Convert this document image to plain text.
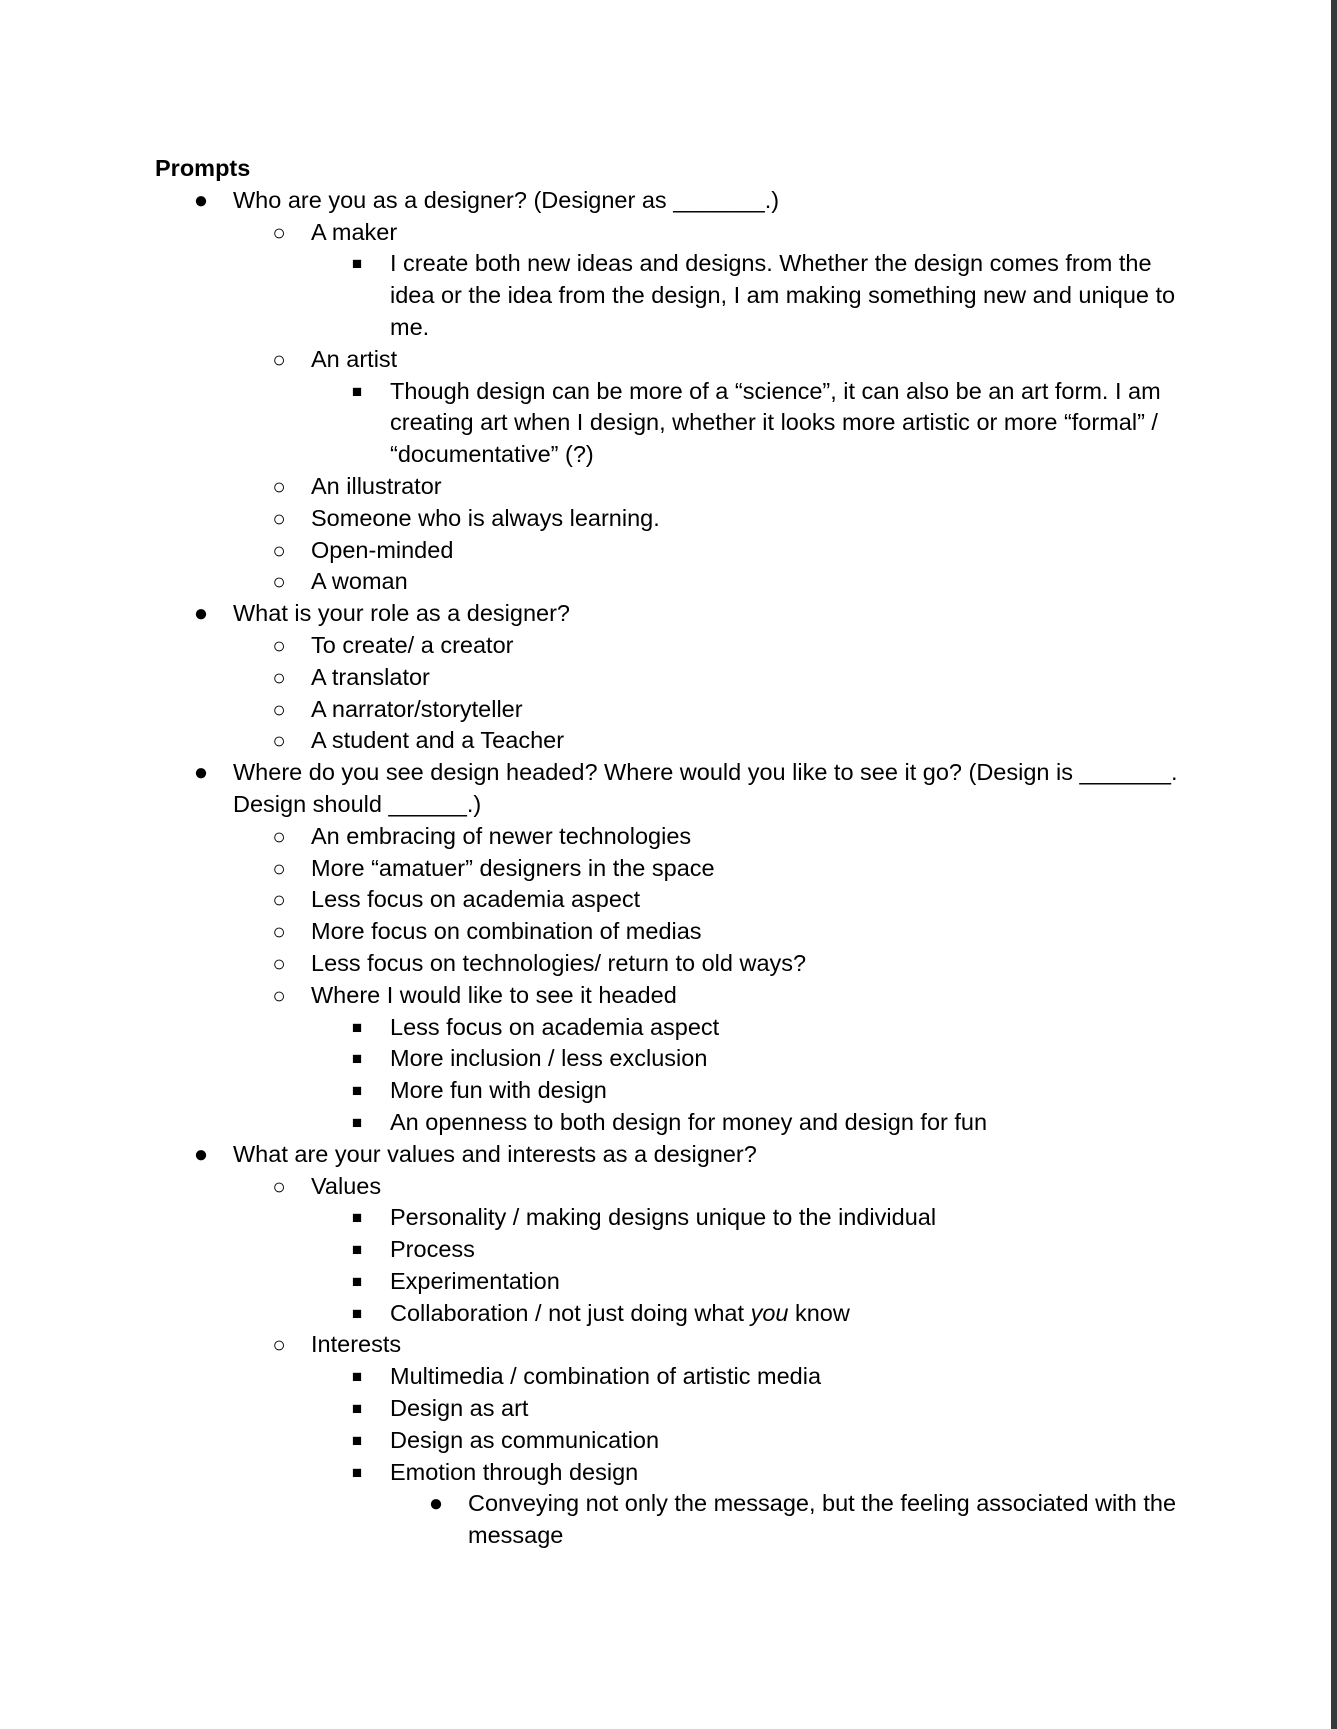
Prompts

●	Who are you as a designer? (Designer as _______.)
○	A maker
■	I create both new ideas and designs. Whether the design comes from the idea or the idea from the design, I am making something new and unique to me.
○	An artist
■	Though design can be more of a “science”, it can also be an art form. I am creating art when I design, whether it looks more artistic or more “formal” / “documentative” (?)
○	An illustrator
○	Someone who is always learning.
○	Open-minded
○	A woman
●	What is your role as a designer?
○	To create/ a creator
○	A translator
○	A narrator/storyteller
○	A student and a Teacher
●	Where do you see design headed? Where would you like to see it go? (Design is _______. Design should ______.)
○	An embracing of newer technologies
○	More “amatuer” designers in the space
○	Less focus on academia aspect
○	More focus on combination of medias
○	Less focus on technologies/ return to old ways?
○	Where I would like to see it headed
■	Less focus on academia aspect
■	More inclusion / less exclusion
■	More fun with design
■	An openness to both design for money and design for fun
●	What are your values and interests as a designer?
○	Values
■	Personality / making designs unique to the individual
■	Process
■	Experimentation
■	Collaboration / not just doing what you know
○	Interests
■	Multimedia / combination of artistic media
■	Design as art
■	Design as communication
■	Emotion through design
●	Conveying not only the message, but the feeling associated with the message
